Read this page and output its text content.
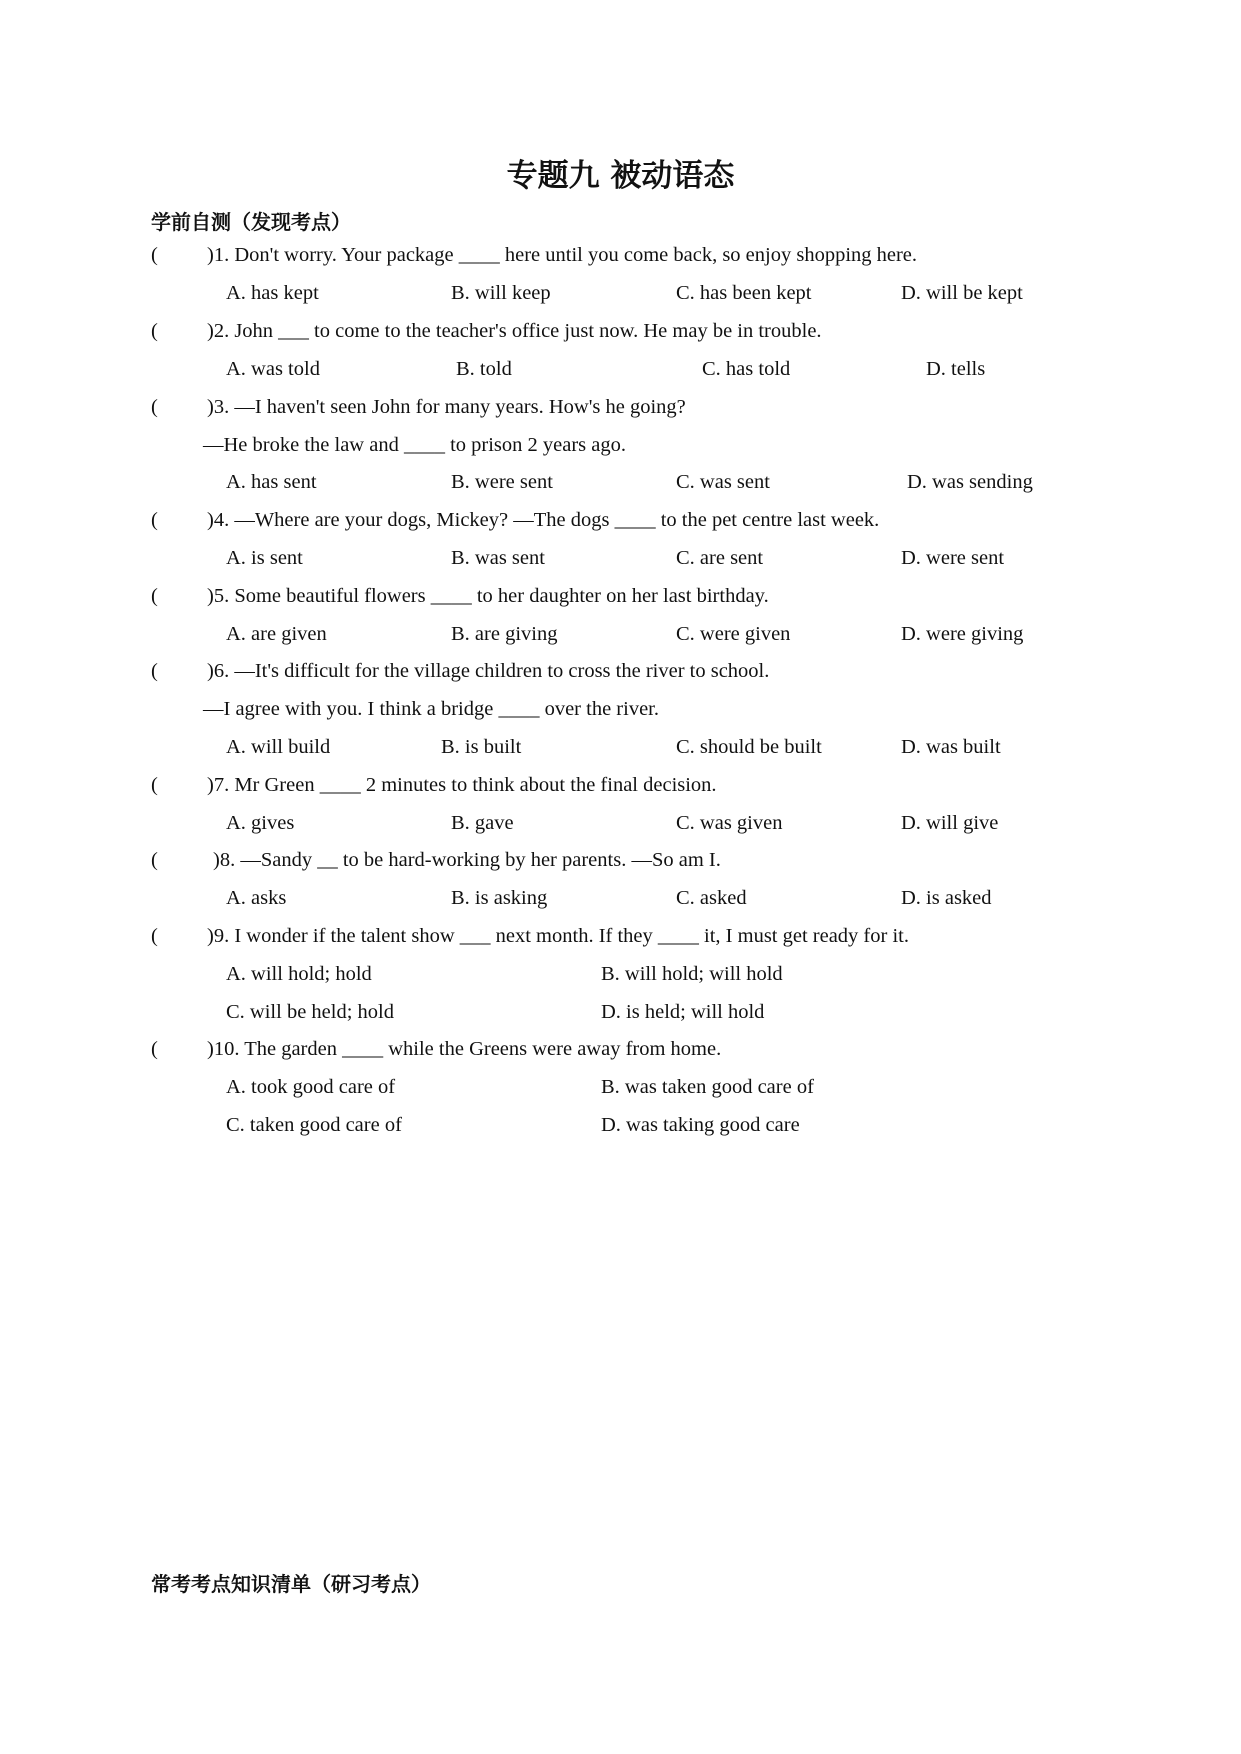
专题九 被动语态
学前自测（发现考点）
( )1. Don't worry. Your package ____ here until you come back, so enjoy shopping here.
A. has kept	B. will keep	C. has been kept	D. will be kept
( )2. John ___ to come to the teacher's office just now. He may be in trouble.
A. was told	B. told	C. has told	D. tells
( )3. —I haven't seen John for many years. How's he going?
—He broke the law and ____ to prison 2 years ago.
A. has sent	B. were sent	C. was sent	D. was sending
( )4. —Where are your dogs, Mickey? —The dogs ____ to the pet centre last week.
A. is sent	B. was sent	C. are sent	D. were sent
( )5. Some beautiful flowers ____ to her daughter on her last birthday.
A. are given	B. are giving	C. were given	D. were giving
( )6. —It's difficult for the village children to cross the river to school.
—I agree with you. I think a bridge ____ over the river.
A. will build	B. is built	C. should be built	D. was built
( )7. Mr Green ____ 2 minutes to think about the final decision.
A. gives	B. gave	C. was given	D. will give
(	)8. —Sandy __ to be hard-working by her parents. —So am I.
A. asks	B. is asking	C. asked	D. is asked
( )9. I wonder if the talent show ___ next month. If they ____ it, I must get ready for it.
A. will hold; hold	B. will hold; will hold
C. will be held; hold	D. is held; will hold
( )10. The garden ____ while the Greens were away from home.
A. took good care of	B. was taken good care of
C. taken good care of	D. was taking good care
常考考点知识清单（研习考点）
